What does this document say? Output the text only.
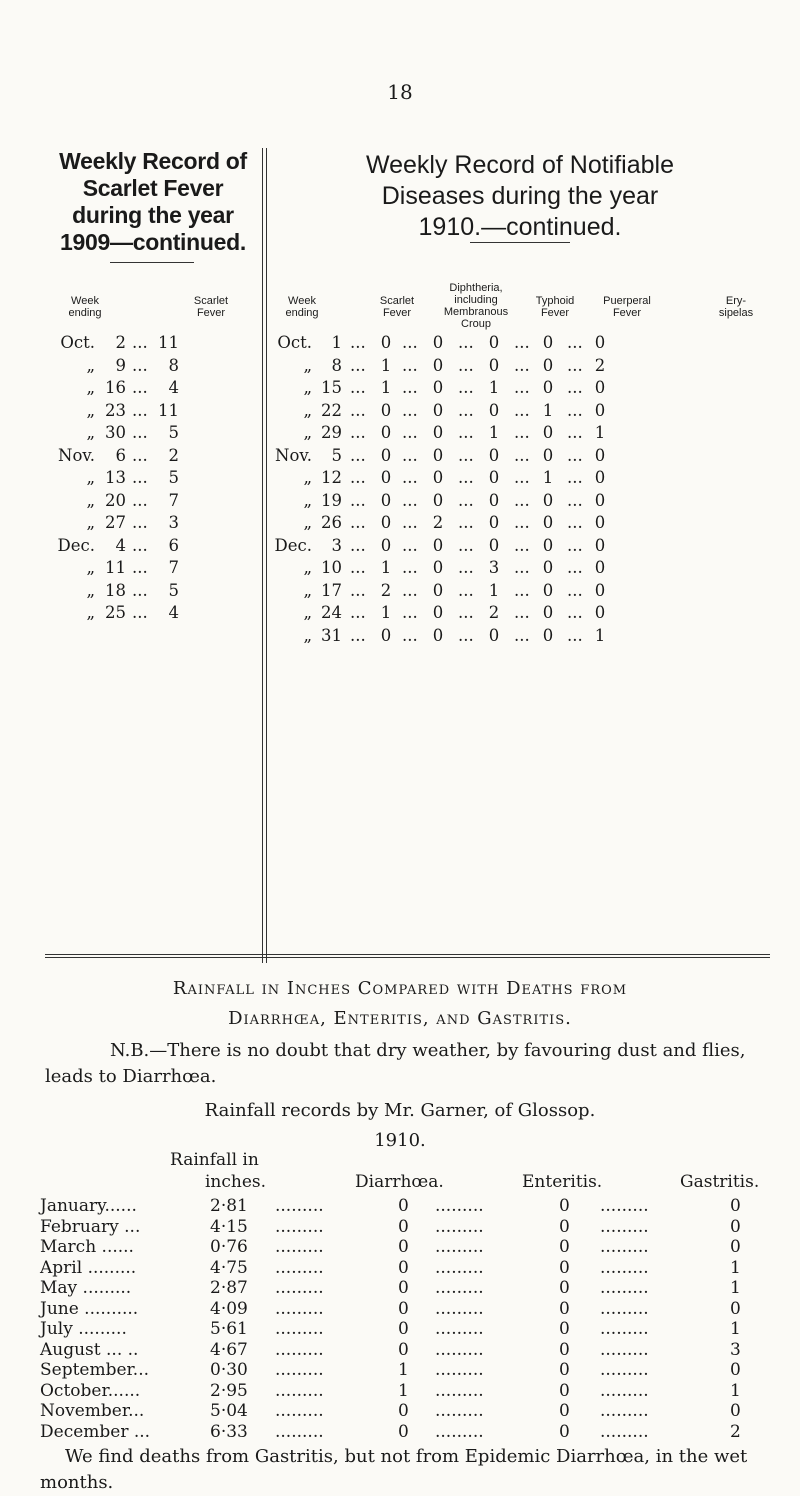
18
Weekly Record of
Scarlet Fever
during the year
1909—continued.
Weekly Record of Notifiable
Diseases during the year
1910.—continued.
Week ending
Scarlet Fever
Week ending
Scarlet Fever
Diphtheria, including Membranous Croup
Typhoid Fever
Puerperal Fever
Ery-sipelas
Oct.	2 ... 11
„	9 ...	8
„ 16 ...	4
„ 23 ... 11
„ 30 ...	5
Nov.	6 ...	2
„ 13 ...	5
„ 20 ...	7
„ 27 ...	3
Dec.	4 ...	6
„ 11 ...	7
„ 18 ...	5
„ 25 ...	4
Oct.	1 ... 0 ... 0 ... 0 ... 0 ... 0
„	8 ... 1 ... 0 ... 0 ... 0 ... 2
„ 15 ... 1 ... 0 ... 1 ... 0 ... 0
„ 22 ... 0 ... 0 ... 0 ... 1 ... 0
„ 29 ... 0 ... 0 ... 1 ... 0 ... 1
Nov.	5 ... 0 ... 0 ... 0 ... 0 ... 0
„ 12 ... 0 ... 0 ... 0 ... 1 ... 0
„ 19 ... 0 ... 0 ... 0 ... 0 ... 0
„ 26 ... 0 ... 2 ... 0 ... 0 ... 0
Dec.	3 ... 0 ... 0 ... 0 ... 0 ... 0
„ 10 ... 1 ... 0 ... 3 ... 0 ... 0
„ 17 ... 2 ... 0 ... 1 ... 0 ... 0
„ 24 ... 1 ... 0 ... 2 ... 0 ... 0
„ 31 ... 0 ... 0 ... 0 ... 0 ... 1
Rainfall in Inches Compared with Deaths from
Diarrhœa, Enteritis, and Gastritis.
N.B.—There is no doubt that dry weather, by favouring dust and flies, leads to Diarrhœa.
Rainfall records by Mr. Garner, of Glossop.
1910.
Rainfall in
inches.	Diarrhœa.	Enteritis.	Gastritis.
January......	2·81 .........	0 .........	0 .........	0
February ...	4·15 .........	0 .........	0 .........	0
March ......	0·76 .........	0 .........	0 .........	0
April .........	4·75 .........	0 .........	0 .........	1
May .........	2·87 .........	0 .........	0 .........	1
June ..........	4·09 .........	0 .........	0 .........	0
July .........	5·61 .........	0 .........	0 .........	1
August ... ..	4·67 .........	0 .........	0 .........	3
September...	0·30 .........	1 .........	0 .........	0
October......	2·95 .........	1 .........	0 .........	1
November...	5·04 .........	0 .........	0 .........	0
December ...	6·33 .........	0 .........	0 .........	2
We find deaths from Gastritis, but not from Epidemic Diarrhœa, in the wet months.
